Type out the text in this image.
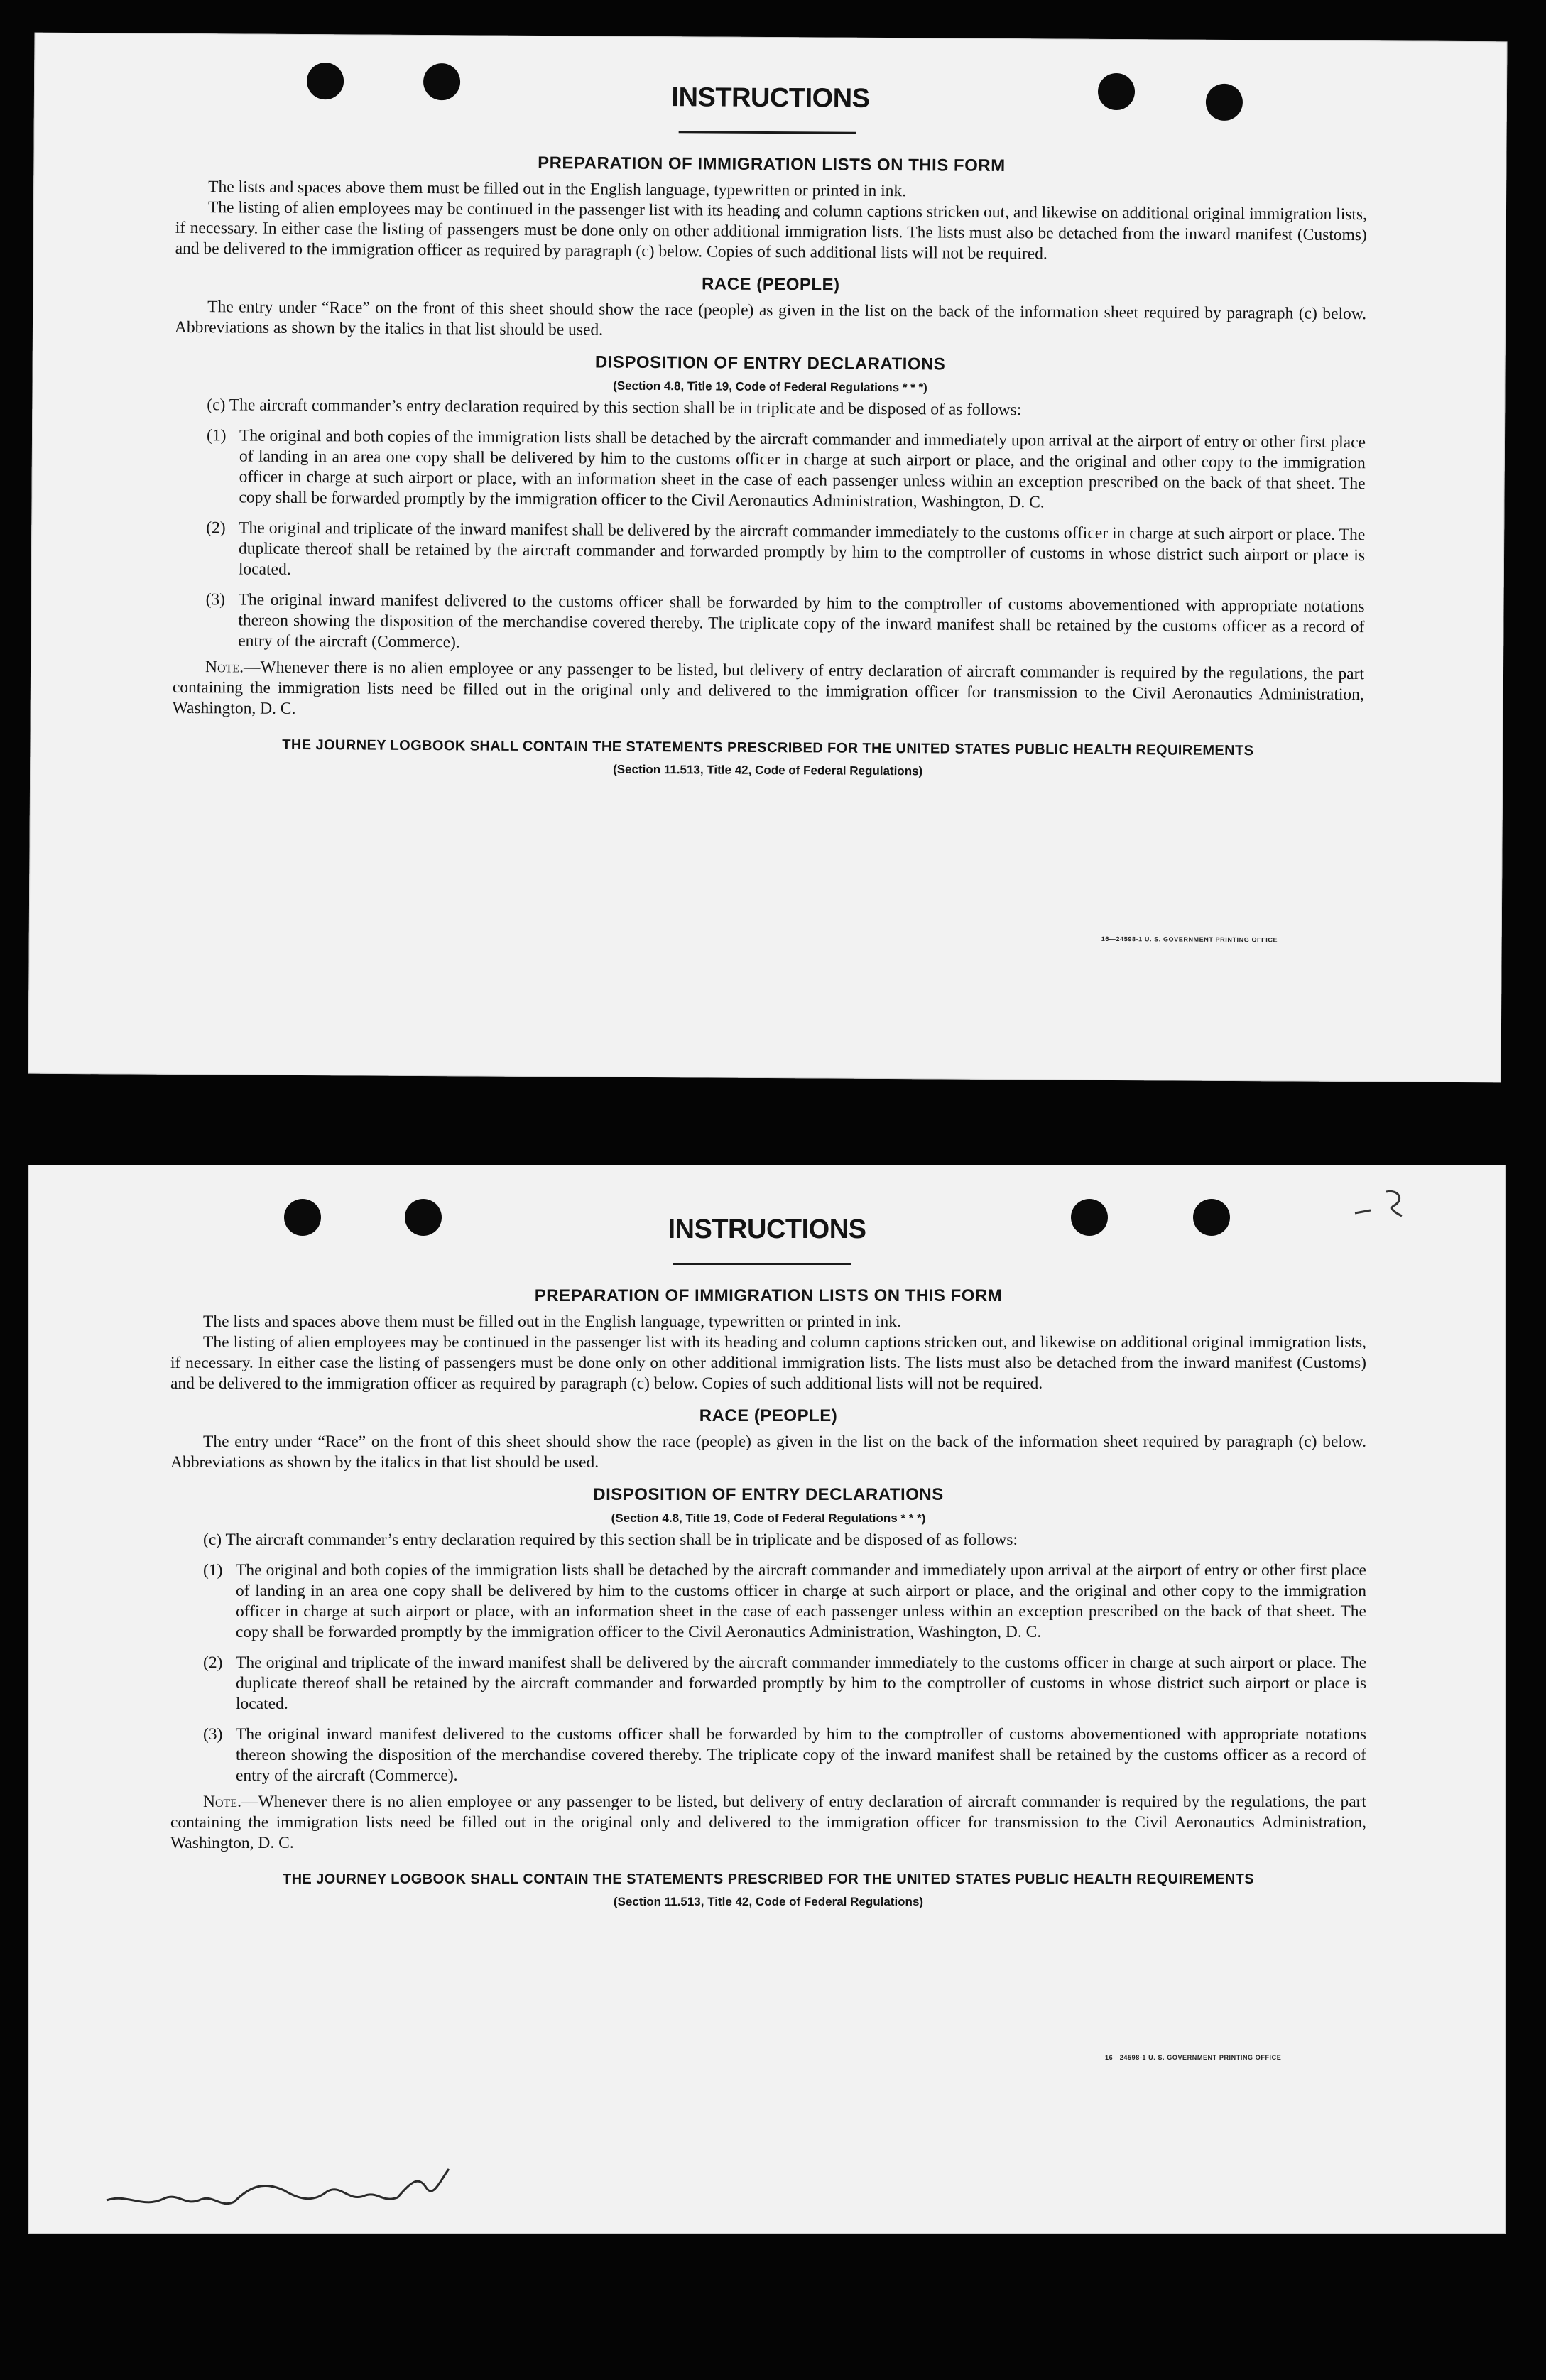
INSTRUCTIONS
PREPARATION OF IMMIGRATION LISTS ON THIS FORM

The lists and spaces above them must be filled out in the English language, typewritten or printed in ink.

The listing of alien employees may be continued in the passenger list with its heading and column captions stricken out, and likewise on additional original immigration lists, if necessary. In either case the listing of passengers must be done only on other additional immigration lists. The lists must also be detached from the inward manifest (Customs) and be delivered to the immigration officer as required by paragraph (c) below. Copies of such additional lists will not be required.

RACE (PEOPLE)

The entry under “Race” on the front of this sheet should show the race (people) as given in the list on the back of the information sheet required by paragraph (c) below. Abbreviations as shown by the italics in that list should be used.

DISPOSITION OF ENTRY DECLARATIONS
(Section 4.8, Title 19, Code of Federal Regulations * * *)

(c) The aircraft commander’s entry declaration required by this section shall be in triplicate and be disposed of as follows:

(1) The original and both copies of the immigration lists shall be detached by the aircraft commander and immediately upon arrival at the airport of entry or other first place of landing in an area one copy shall be delivered by him to the customs officer in charge at such airport or place, and the original and other copy to the immigration officer in charge at such airport or place, with an information sheet in the case of each passenger unless within an exception prescribed on the back of that sheet. The copy shall be forwarded promptly by the immigration officer to the Civil Aeronautics Administration, Washington, D. C.
(2) The original and triplicate of the inward manifest shall be delivered by the aircraft commander immediately to the customs officer in charge at such airport or place. The duplicate thereof shall be retained by the aircraft commander and forwarded promptly by him to the comptroller of customs in whose district such airport or place is located.
(3) The original inward manifest delivered to the customs officer shall be forwarded by him to the comptroller of customs abovementioned with appropriate notations thereon showing the disposition of the merchandise covered thereby. The triplicate copy of the inward manifest shall be retained by the customs officer as a record of entry of the aircraft (Commerce).

Note.—Whenever there is no alien employee or any passenger to be listed, but delivery of entry declaration of aircraft commander is required by the regulations, the part containing the immigration lists need be filled out in the original only and delivered to the immigration officer for transmission to the Civil Aeronautics Administration, Washington, D. C.

THE JOURNEY LOGBOOK SHALL CONTAIN THE STATEMENTS PRESCRIBED FOR THE UNITED STATES PUBLIC HEALTH REQUIREMENTS
(Section 11.513, Title 42, Code of Federal Regulations)
16—24598-1 U. S. GOVERNMENT PRINTING OFFICE
INSTRUCTIONS
PREPARATION OF IMMIGRATION LISTS ON THIS FORM

The lists and spaces above them must be filled out in the English language, typewritten or printed in ink.

The listing of alien employees may be continued in the passenger list with its heading and column captions stricken out, and likewise on additional original immigration lists, if necessary. In either case the listing of passengers must be done only on other additional immigration lists. The lists must also be detached from the inward manifest (Customs) and be delivered to the immigration officer as required by paragraph (c) below. Copies of such additional lists will not be required.

RACE (PEOPLE)

The entry under “Race” on the front of this sheet should show the race (people) as given in the list on the back of the information sheet required by paragraph (c) below. Abbreviations as shown by the italics in that list should be used.

DISPOSITION OF ENTRY DECLARATIONS
(Section 4.8, Title 19, Code of Federal Regulations * * *)

(c) The aircraft commander’s entry declaration required by this section shall be in triplicate and be disposed of as follows:

(1) The original and both copies of the immigration lists shall be detached by the aircraft commander and immediately upon arrival at the airport of entry or other first place of landing in an area one copy shall be delivered by him to the customs officer in charge at such airport or place, and the original and other copy to the immigration officer in charge at such airport or place, with an information sheet in the case of each passenger unless within an exception prescribed on the back of that sheet. The copy shall be forwarded promptly by the immigration officer to the Civil Aeronautics Administration, Washington, D. C.
(2) The original and triplicate of the inward manifest shall be delivered by the aircraft commander immediately to the customs officer in charge at such airport or place. The duplicate thereof shall be retained by the aircraft commander and forwarded promptly by him to the comptroller of customs in whose district such airport or place is located.
(3) The original inward manifest delivered to the customs officer shall be forwarded by him to the comptroller of customs abovementioned with appropriate notations thereon showing the disposition of the merchandise covered thereby. The triplicate copy of the inward manifest shall be retained by the customs officer as a record of entry of the aircraft (Commerce).

Note.—Whenever there is no alien employee or any passenger to be listed, but delivery of entry declaration of aircraft commander is required by the regulations, the part containing the immigration lists need be filled out in the original only and delivered to the immigration officer for transmission to the Civil Aeronautics Administration, Washington, D. C.

THE JOURNEY LOGBOOK SHALL CONTAIN THE STATEMENTS PRESCRIBED FOR THE UNITED STATES PUBLIC HEALTH REQUIREMENTS
(Section 11.513, Title 42, Code of Federal Regulations)
16—24598-1 U. S. GOVERNMENT PRINTING OFFICE
